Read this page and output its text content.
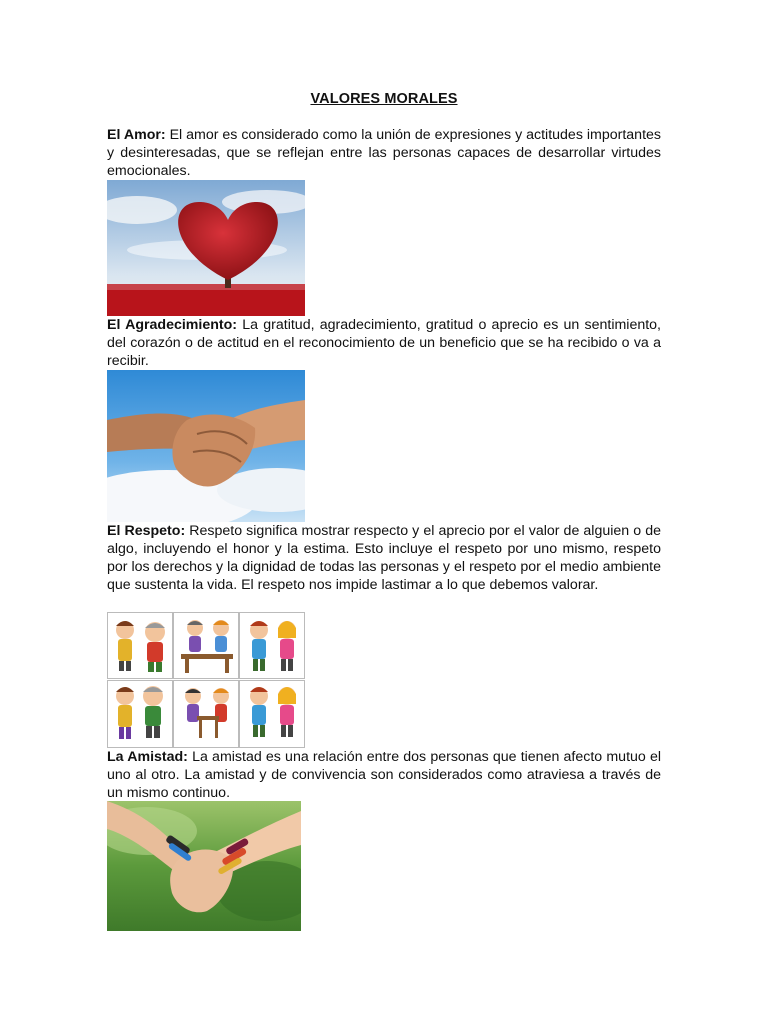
VALORES MORALES

El Amor: El amor es considerado como la unión de expresiones y actitudes importantes y desinteresadas, que se reflejan entre las personas capaces de desarrollar virtudes emocionales.

El Agradecimiento: La gratitud, agradecimiento, gratitud o aprecio es un sentimiento, del corazón o de actitud en el reconocimiento de un beneficio que se ha recibido o va a recibir.

El Respeto: Respeto significa mostrar respecto y el aprecio por el valor de alguien o de algo, incluyendo el honor y la estima. Esto incluye el respeto por uno mismo, respeto por los derechos y la dignidad de todas las personas y el respeto por el medio ambiente que sustenta la vida. El respeto nos impide lastimar a lo que debemos valorar.

La Amistad: La amistad es una relación entre dos personas que tienen afecto mutuo el uno al otro. La amistad y de convivencia son considerados como atraviesa a través de un mismo continuo.
